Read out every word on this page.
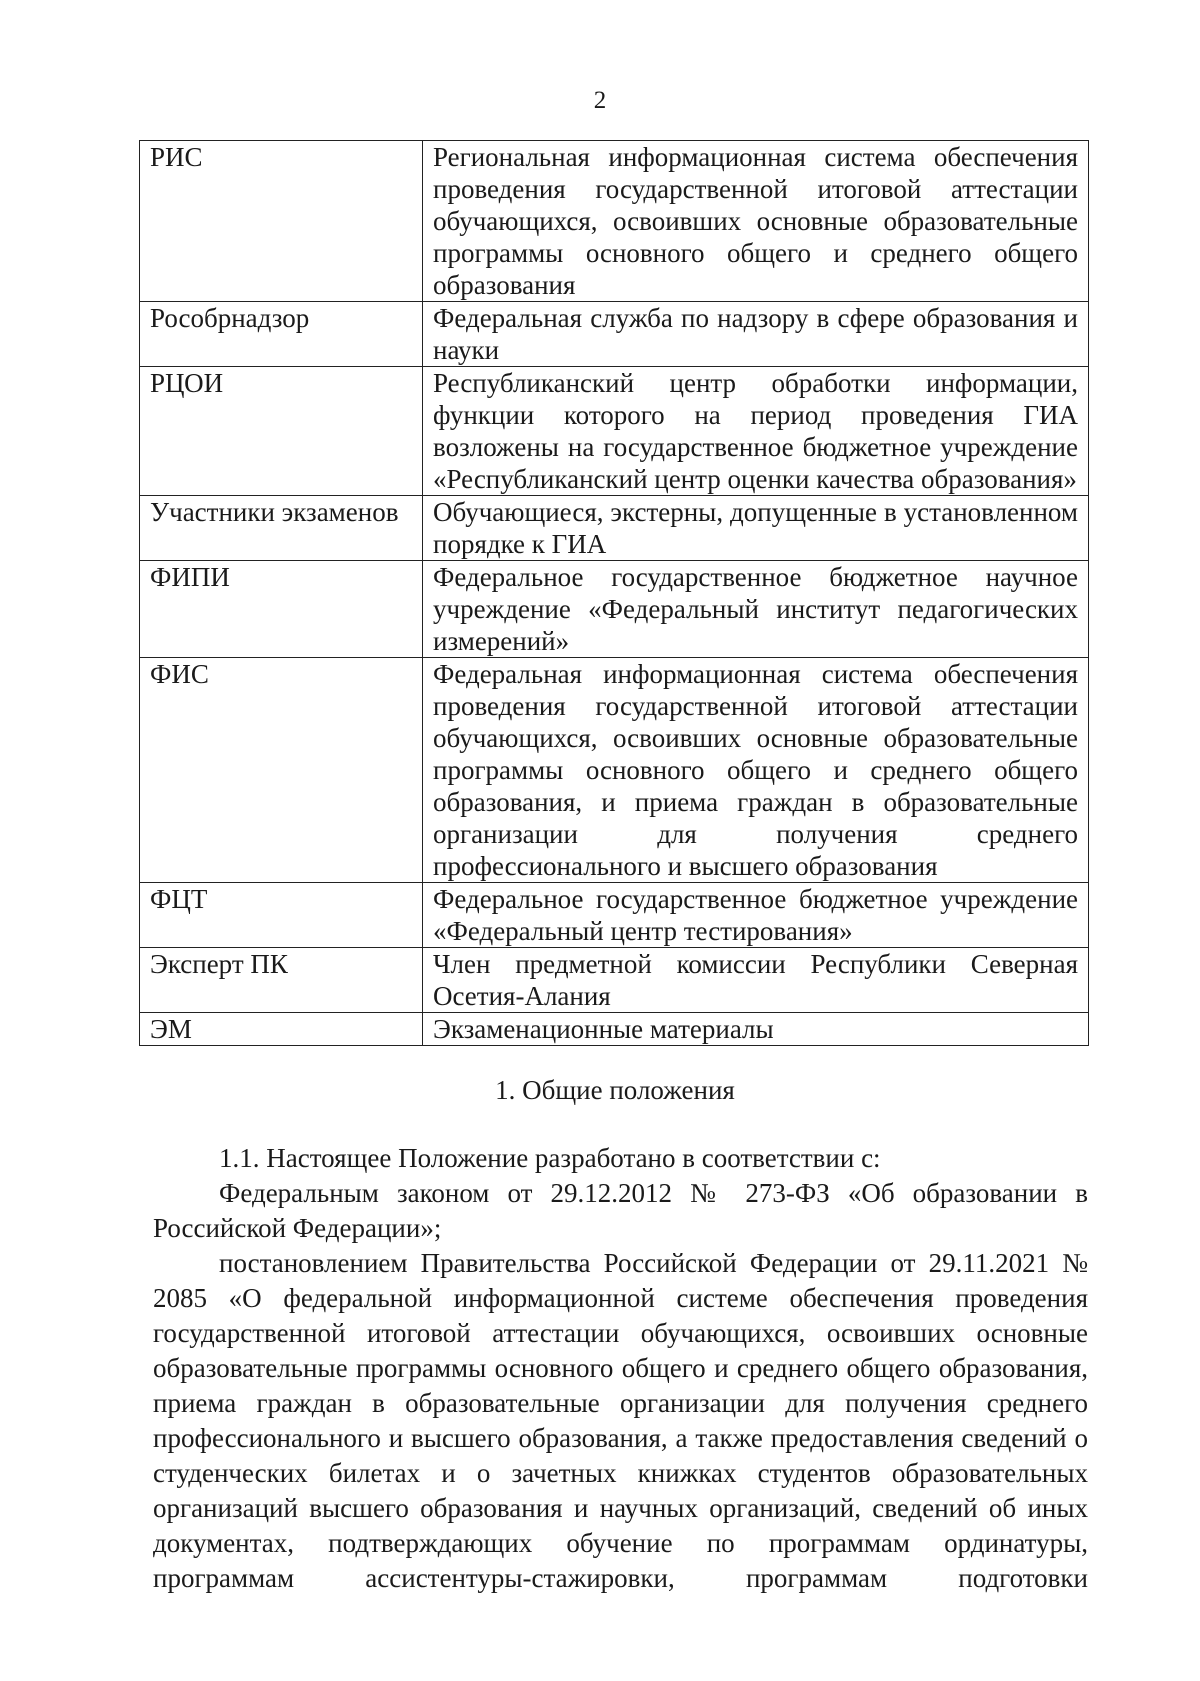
2
РИС	Региональная информационная система обеспечения проведения государственной итоговой аттестации обучающихся, освоивших основные образовательные программы основного общего и среднего общего образования
Рособрнадзор	Федеральная служба по надзору в сфере образования и науки
РЦОИ	Республиканский центр обработки информации, функции которого на период проведения ГИА возложены на государственное бюджетное учреждение «Республиканский центр оценки качества образования»
Участники экзаменов	Обучающиеся, экстерны, допущенные в установленном порядке к ГИА
ФИПИ	Федеральное государственное бюджетное научное учреждение «Федеральный институт педагогических измерений»
ФИС	Федеральная информационная система обеспечения проведения государственной итоговой аттестации обучающихся, освоивших основные образовательные программы основного общего и среднего общего образования, и приема граждан в образовательные организации для получения среднего профессионального и высшего образования
ФЦТ	Федеральное государственное бюджетное учреждение «Федеральный центр тестирования»
Эксперт ПК	Член предметной комиссии Республики Северная Осетия-Алания
ЭМ	Экзаменационные материалы
1. Общие положения

1.1. Настоящее Положение разработано в соответствии с:

Федеральным законом от 29.12.2012 № 273-ФЗ «Об образовании в Российской Федерации»;

постановлением Правительства Российской Федерации от 29.11.2021 № 2085 «О федеральной информационной системе обеспечения проведения государственной итоговой аттестации обучающихся, освоивших основные образовательные программы основного общего и среднего общего образования, приема граждан в образовательные организации для получения среднего профессионального и высшего образования, а также предоставления сведений о студенческих билетах и о зачетных книжках студентов образовательных организаций высшего образования и научных организаций, сведений об иных документах, подтверждающих обучение по программам ординатуры, программам ассистентуры-стажировки, программам подготовки
